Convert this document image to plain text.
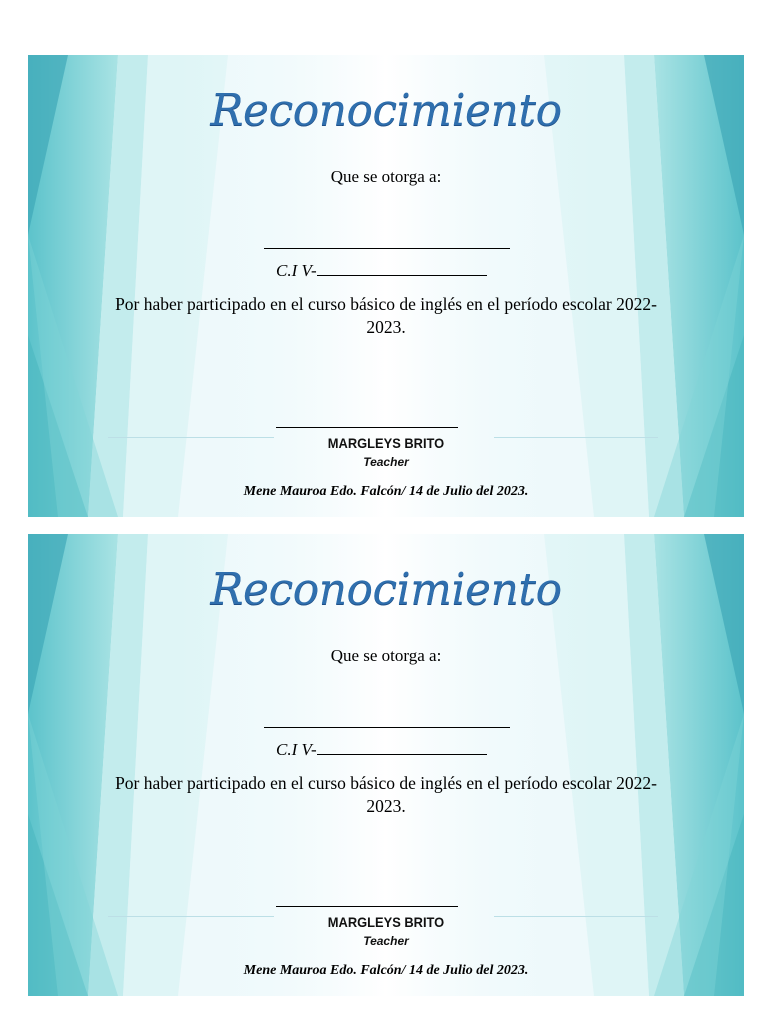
Reconocimiento
Que se otorga a:
C.I V-
Por haber participado en el curso básico de inglés en el período escolar 2022-2023.
MARGLEYS BRITO
Teacher
Mene Mauroa Edo. Falcón/ 14 de Julio del 2023.
Reconocimiento
Que se otorga a:
C.I V-
Por haber participado en el curso básico de inglés en el período escolar 2022-2023.
MARGLEYS BRITO
Teacher
Mene Mauroa Edo. Falcón/ 14 de Julio del 2023.
